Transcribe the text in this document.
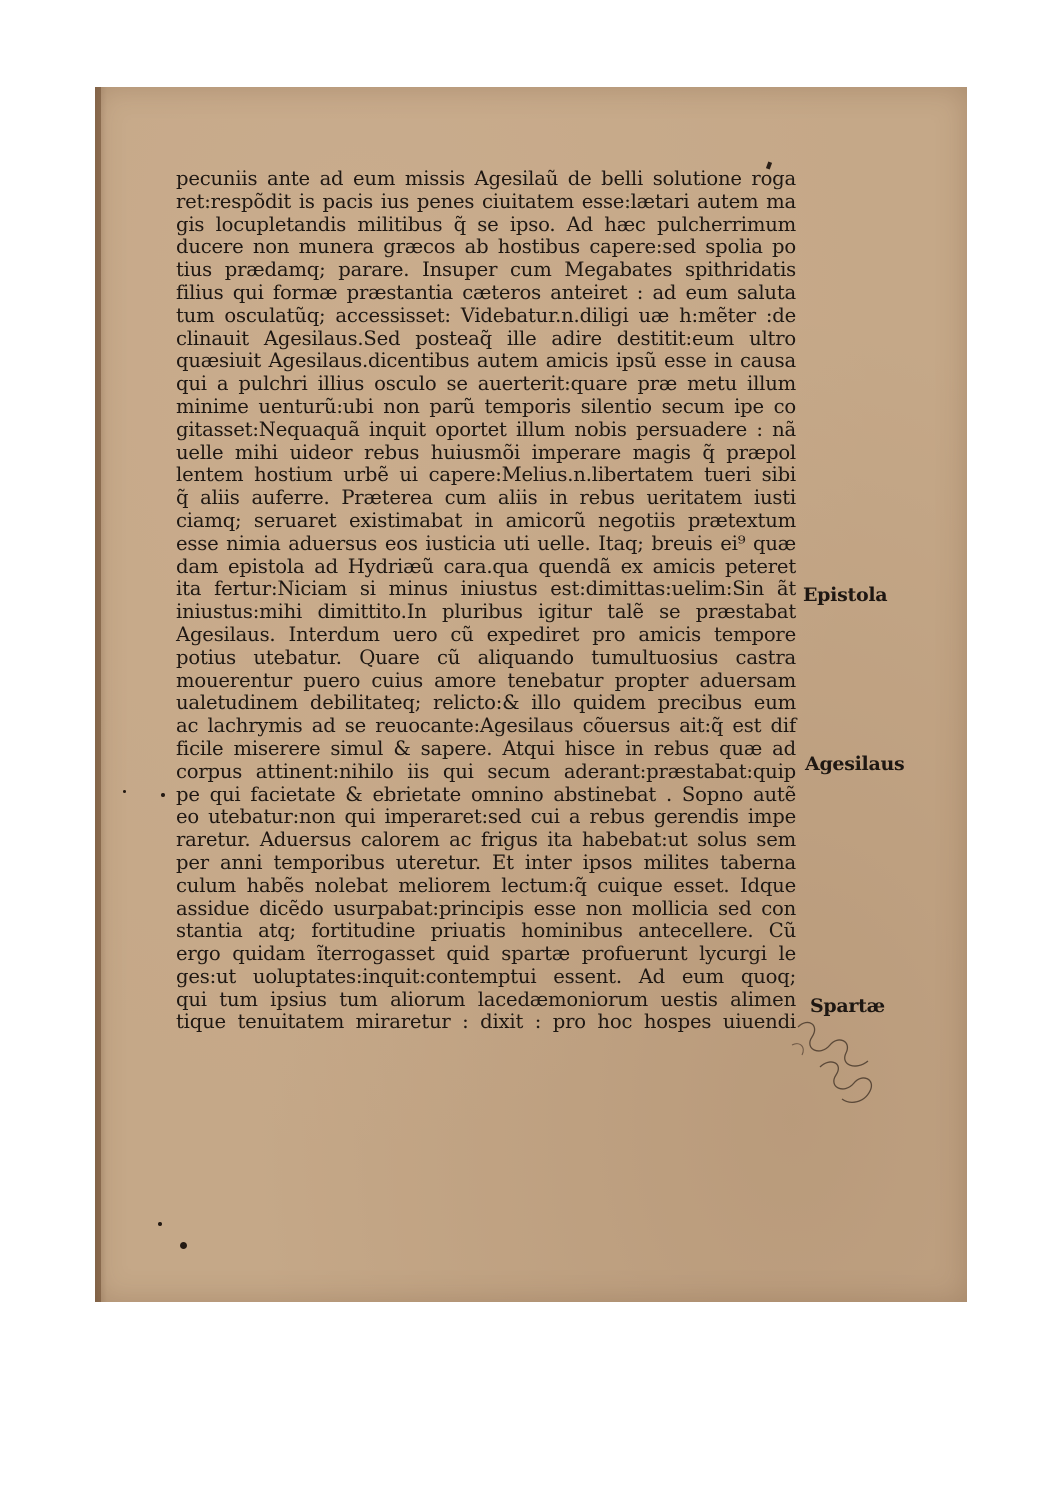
pecuniis ante ad eum missis Agesilaũ de belli solutione roga
ret:respõdit is pacis ius penes ciuitatem esse:lætari autem ma
gis locupletandis militibus q̃ se ipso. Ad hæc pulcherrimum
ducere non munera græcos ab hostibus capere:sed spolia po
tius prædamq; parare. Insuper cum Megabates spithridatis
filius qui formæ præstantia cæteros anteiret : ad eum saluta
tum osculatũq; accessisset: Videbatur.n.diligi uæ h:mẽter :de
clinauit Agesilaus.Sed posteaq̃ ille adire destitit:eum ultro
quæsiuit Agesilaus.dicentibus autem amicis ipsũ esse in causa
qui a pulchri illius osculo se auerterit:quare præ metu illum
minime uenturũ:ubi non parũ temporis silentio secum ipe co
gitasset:Nequaquã inquit oportet illum nobis persuadere : nã
uelle mihi uideor rebus huiusmõi imperare magis q̃ præpol
lentem hostium urbẽ ui capere:Melius.n.libertatem tueri sibi
q̃ aliis auferre. Præterea cum aliis in rebus ueritatem iusti
ciamq; seruaret existimabat in amicorũ negotiis prætextum
esse nimia aduersus eos iusticia uti uelle. Itaq; breuis ei⁹ quæ
dam epistola ad Hydriæũ cara.qua quendã ex amicis peteret
ita fertur:Niciam si minus iniustus est:dimittas:uelim:Sin ãt
iniustus:mihi dimittito.In pluribus igitur talẽ se præstabat
Agesilaus. Interdum uero cũ expediret pro amicis tempore
potius utebatur. Quare cũ aliquando tumultuosius castra
mouerentur puero cuius amore tenebatur propter aduersam
ualetudinem debilitateq; relicto:& illo quidem precibus eum
ac lachrymis ad se reuocante:Agesilaus cõuersus ait:q̃ est dif
ficile miserere simul & sapere. Atqui hisce in rebus quæ ad
corpus attinent:nihilo iis qui secum aderant:præstabat:quip
pe qui facietate & ebrietate omnino abstinebat . Sopno autẽ
eo utebatur:non qui imperaret:sed cui a rebus gerendis impe
raretur. Aduersus calorem ac frigus ita habebat:ut solus sem
per anni temporibus uteretur. Et inter ipsos milites taberna
culum habẽs nolebat meliorem lectum:q̃ cuique esset. Idque
assidue dicẽdo usurpabat:principis esse non mollicia sed con
stantia atq; fortitudine priuatis hominibus antecellere. Cũ
ergo quidam ĩterrogasset quid spartæ profuerunt lycurgi le
ges:ut uoluptates:inquit:contemptui essent. Ad eum quoq;
qui tum ipsius tum aliorum lacedæmoniorum uestis alimen
tique tenuitatem miraretur : dixit : pro hoc hospes uiuendi
Epistola
Agesilaus
Spartæ
